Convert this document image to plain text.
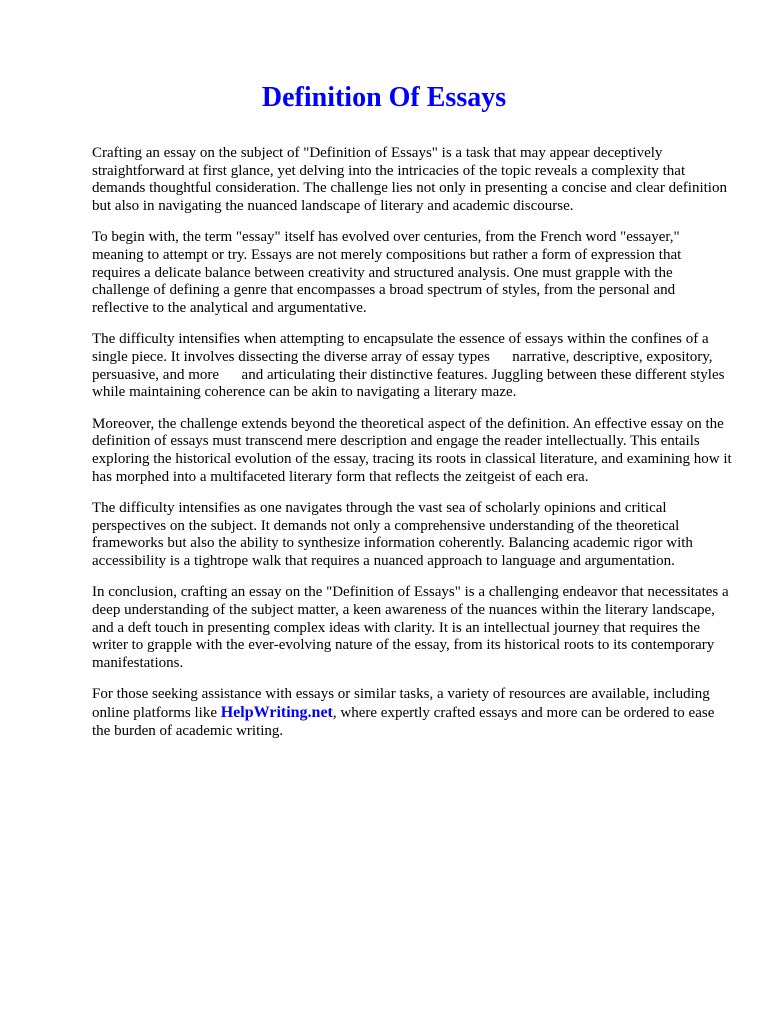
Definition Of Essays

Crafting an essay on the subject of "Definition of Essays" is a task that may appear deceptively straightforward at first glance, yet delving into the intricacies of the topic reveals a complexity that demands thoughtful consideration. The challenge lies not only in presenting a concise and clear definition but also in navigating the nuanced landscape of literary and academic discourse.

To begin with, the term "essay" itself has evolved over centuries, from the French word "essayer," meaning to attempt or try. Essays are not merely compositions but rather a form of expression that requires a delicate balance between creativity and structured analysis. One must grapple with the challenge of defining a genre that encompasses a broad spectrum of styles, from the personal and reflective to the analytical and argumentative.

The difficulty intensifies when attempting to encapsulate the essence of essays within the confines of a single piece. It involves dissecting the diverse array of essay types      narrative, descriptive, expository, persuasive, and more      and articulating their distinctive features. Juggling between these different styles while maintaining coherence can be akin to navigating a literary maze.

Moreover, the challenge extends beyond the theoretical aspect of the definition. An effective essay on the definition of essays must transcend mere description and engage the reader intellectually. This entails exploring the historical evolution of the essay, tracing its roots in classical literature, and examining how it has morphed into a multifaceted literary form that reflects the zeitgeist of each era.

The difficulty intensifies as one navigates through the vast sea of scholarly opinions and critical perspectives on the subject. It demands not only a comprehensive understanding of the theoretical frameworks but also the ability to synthesize information coherently. Balancing academic rigor with accessibility is a tightrope walk that requires a nuanced approach to language and argumentation.

In conclusion, crafting an essay on the "Definition of Essays" is a challenging endeavor that necessitates a deep understanding of the subject matter, a keen awareness of the nuances within the literary landscape, and a deft touch in presenting complex ideas with clarity. It is an intellectual journey that requires the writer to grapple with the ever-evolving nature of the essay, from its historical roots to its contemporary manifestations.

For those seeking assistance with essays or similar tasks, a variety of resources are available, including online platforms like HelpWriting.net, where expertly crafted essays and more can be ordered to ease the burden of academic writing.
